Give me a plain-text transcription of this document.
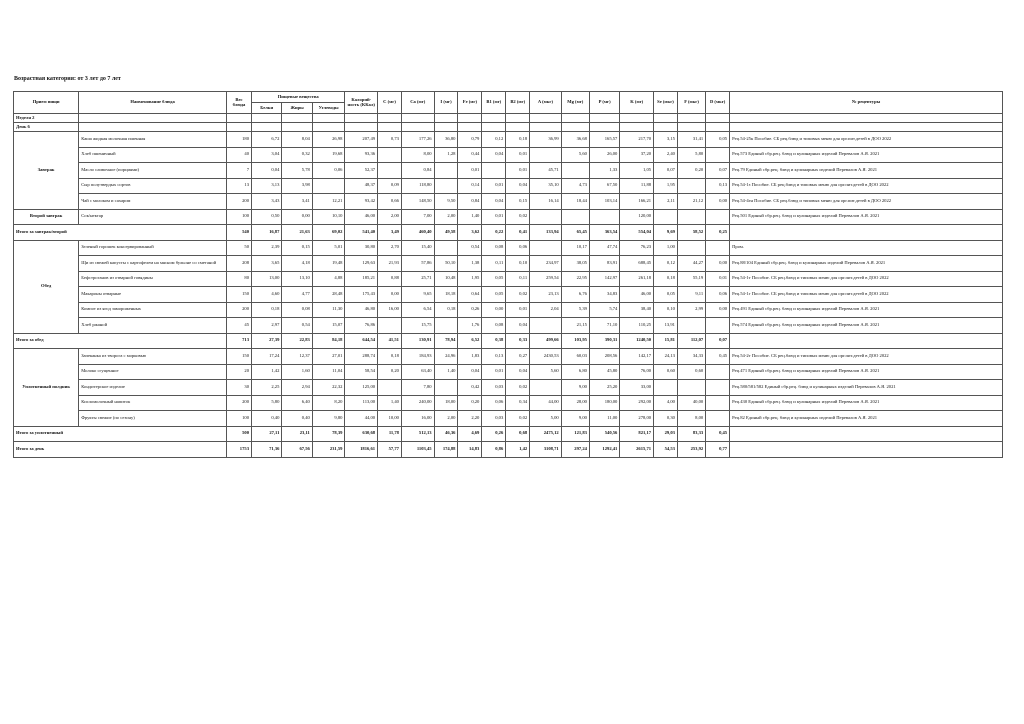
Возрастная категория: от 3 лет до 7 лет
Прием пищи	Наименование блюда	Вес блюда	Пищевые вещества			Калорий-ность (ККал)	С (мг)	Ca (мг)	I (мг)	Fe (мг)	B1 (мг)	B2 (мг)	A (мкг)	Mg (мг)	P (мг)	K (мг)	Se (мкг)	F (мкг)	D (мкг)	№ рецептуры
			Белки	Жиры	Углеводы															
Неделя 2																				
День 6																				
Завтрак	Каша жидкая молочная пшенная	180	6,72	8,04	26,98	207,49	0,73	177,26	36,80	0,79	0,12	0,18	36,99	36,68	165,57	217,70	3,15	31,41	0,05	Рец.54-25к Пособие. СБ рец.блюд и типовых меню для орг.пит.детей в ДОО 2022
	Хлеб пшеничный	40	3,04	0,32	19,68	93,36		8,00	1,28	0,44	0,04	0,01		5,60	26,00	37,20	2,40	5,80		Рец.573 Единый сбр.рец. блюд и кулинарных изделий Перевалов А.Я. 2021
	Масло сливочное (порциями)	7	0,04	5,78	0,06	52,37		0,84		0,01		0,01	45,71		1,33	1,05	0,07	0,20	0,07	Рец.79 Единый сбр.рец. блюд и кулинарных изделий Перевалов А.Я. 2021
	Сыр полутвердых сортов	13	3,13	3,98		48,37	0,09	118,80		0,14	0,01	0,04	35,10	4,73	67,50	11,88	1,95		0,13	Рец.54-1з Пособие. СБ рец.блюд и типовых меню для орг.пит.детей в ДОО 2022
	Чай с молоком и сахаром	200	3,43	3,41	12,21	93,42	0,66	148,50	9,50	0,84	0,04	0,15	16,14	18,44	103,14	166,21	2,11	21,12	0,00	Рец.54-4гн Пособие. СБ рец.блюд и типовых меню для орг.пит.детей в ДОО 2022
Второй завтрак	Сок/нектар	100	0,50	0,00	10,10	46,00	2,00	7,00	2,00	1,40	0,01	0,02				120,00				Рец.501 Единый сбр.рец. блюд и кулинарных изделий Перевалов А.Я. 2021
Итого за завтрак/второй		540	16,87	21,63	69,02	541,40	3,49	460,40	49,58	3,62	0,22	0,41	133,94	65,45	363,54	554,04	9,69	58,52	0,25	
Обед	Зеленый горошек консервированный	50	2,39	0,15	5,01	30,80	2,70	15,40		0,54	0,08	0,06		10,17	47,74	76,23	1,00			Пром.
	Щи из свежей капусты с картофелем на мясном бульоне со сметаной	208	3,65	4,18	19,48	129,63	21,93	57,86	50,10	1,38	0,11	0,10	234,97	38,05	83,91	688,45	0,12	44,27	0,00	Рец.88/104 Единый сбр.рец. блюд и кулинарных изделий Перевалов А.Я. 2021
	Бефстроганов из отварной говядины	80	13,00	13,10	4,88	185,21	0,88	25,71	10,48	1,95	0,05	0,11	259,54	22,95	142,97	261,18	0,18	55,19	0,01	Рец.54-1т Пособие. СБ рец.блюд и типовых меню для орг.пит.детей в ДОО 2022
	Макароны отварные	150	4,60	4,77	28,48	175,43	0,00	9,65	18,18	0,64	0,05	0,02	23,13	6,76	34,83	46,00	0,05	9,11	0,06	Рец.54-1г Пособие. СБ рец.блюд и типовых меню для орг.пит.детей в ДОО 2022
	Компот из ягод замороженных	200	0,18	0,08	11,30	46,80	16,00	6,54	0,18	0,26	0,00	0,01	2,04	5,39	5,74	38,40	0,10	2,99	0,00	Рец.491 Единый сбр.рец. блюд и кулинарных изделий Перевалов А.Я. 2021
	Хлеб ржаной	45	2,97	0,54	15,07	76,86		15,75		1,76	0,08	0,04		21,15	71,10	110,25	13,91			Рец.574 Единый сбр.рец. блюд и кулинарных изделий Перевалов А.Я. 2021
Итого за обед		713	27,39	22,83	84,18	644,54	41,51	130,91	78,94	6,52	0,38	0,33	499,66	103,95	390,31	1240,50	15,81	112,07	0,07	
Уплотненный полдник	Запеканка из творога с морковью	150	17,24	12,37	27,01	288,74	0,18	184,93	24,96	1,83	0,13	0,27	2430,53	60,03	208,56	142,17	24,13	34,33	0,45	Рец.54-2т Пособие. СБ рец.блюд и типовых меню для орг.пит.детей в ДОО 2022
	Молоко сгущенное	20	1,42	1,60	11,04	58,54	0,20	63,40	1,40	0,04	0,01	0,04	5,60	6,80	45,80	76,00	0,60	0,60		Рец.471 Единый сбр.рец. блюд и кулинарных изделий Перевалов А.Я. 2021
	Кондитерское изделие	30	2,25	2,94	22,32	125,00		7,80		0,42	0,03	0,02		9,00	25,20	33,00				Рец.580/581/582 Единый сбр.рец. блюд и кулинарных изделий Перевалов А.Я. 2021
	Кисломолочный напиток	200	5,80	6,40	8,20	113,00	1,40	240,00	18,00	0,20	0,06	0,34	44,00	28,00	180,00	292,00	4,00	40,00		Рец.430 Единый сбр.рец. блюд и кулинарных изделий Перевалов А.Я. 2021
	Фрукты свежие (по сезону)	100	0,40	0,40	9,80	44,00	10,00	16,00	2,00	2,20	0,03	0,02	5,00	9,00	11,00	278,00	0,30	8,00		Рец.82 Единый сбр.рец. блюд и кулинарных изделий Перевалов А.Я. 2021
Итого за уплотненный		500	27,11	23,11	78,39	630,68	11,78	512,13	46,36	4,69	0,26	0,68	2475,12	121,83	540,56	821,17	29,03	83,33	0,45	
Итого за день		1753	71,36	67,56	231,59	1816,61	57,77	1103,45	174,88	14,83	0,86	1,42	3108,71	297,24	1292,41	2615,71	54,53	253,92	0,77	
